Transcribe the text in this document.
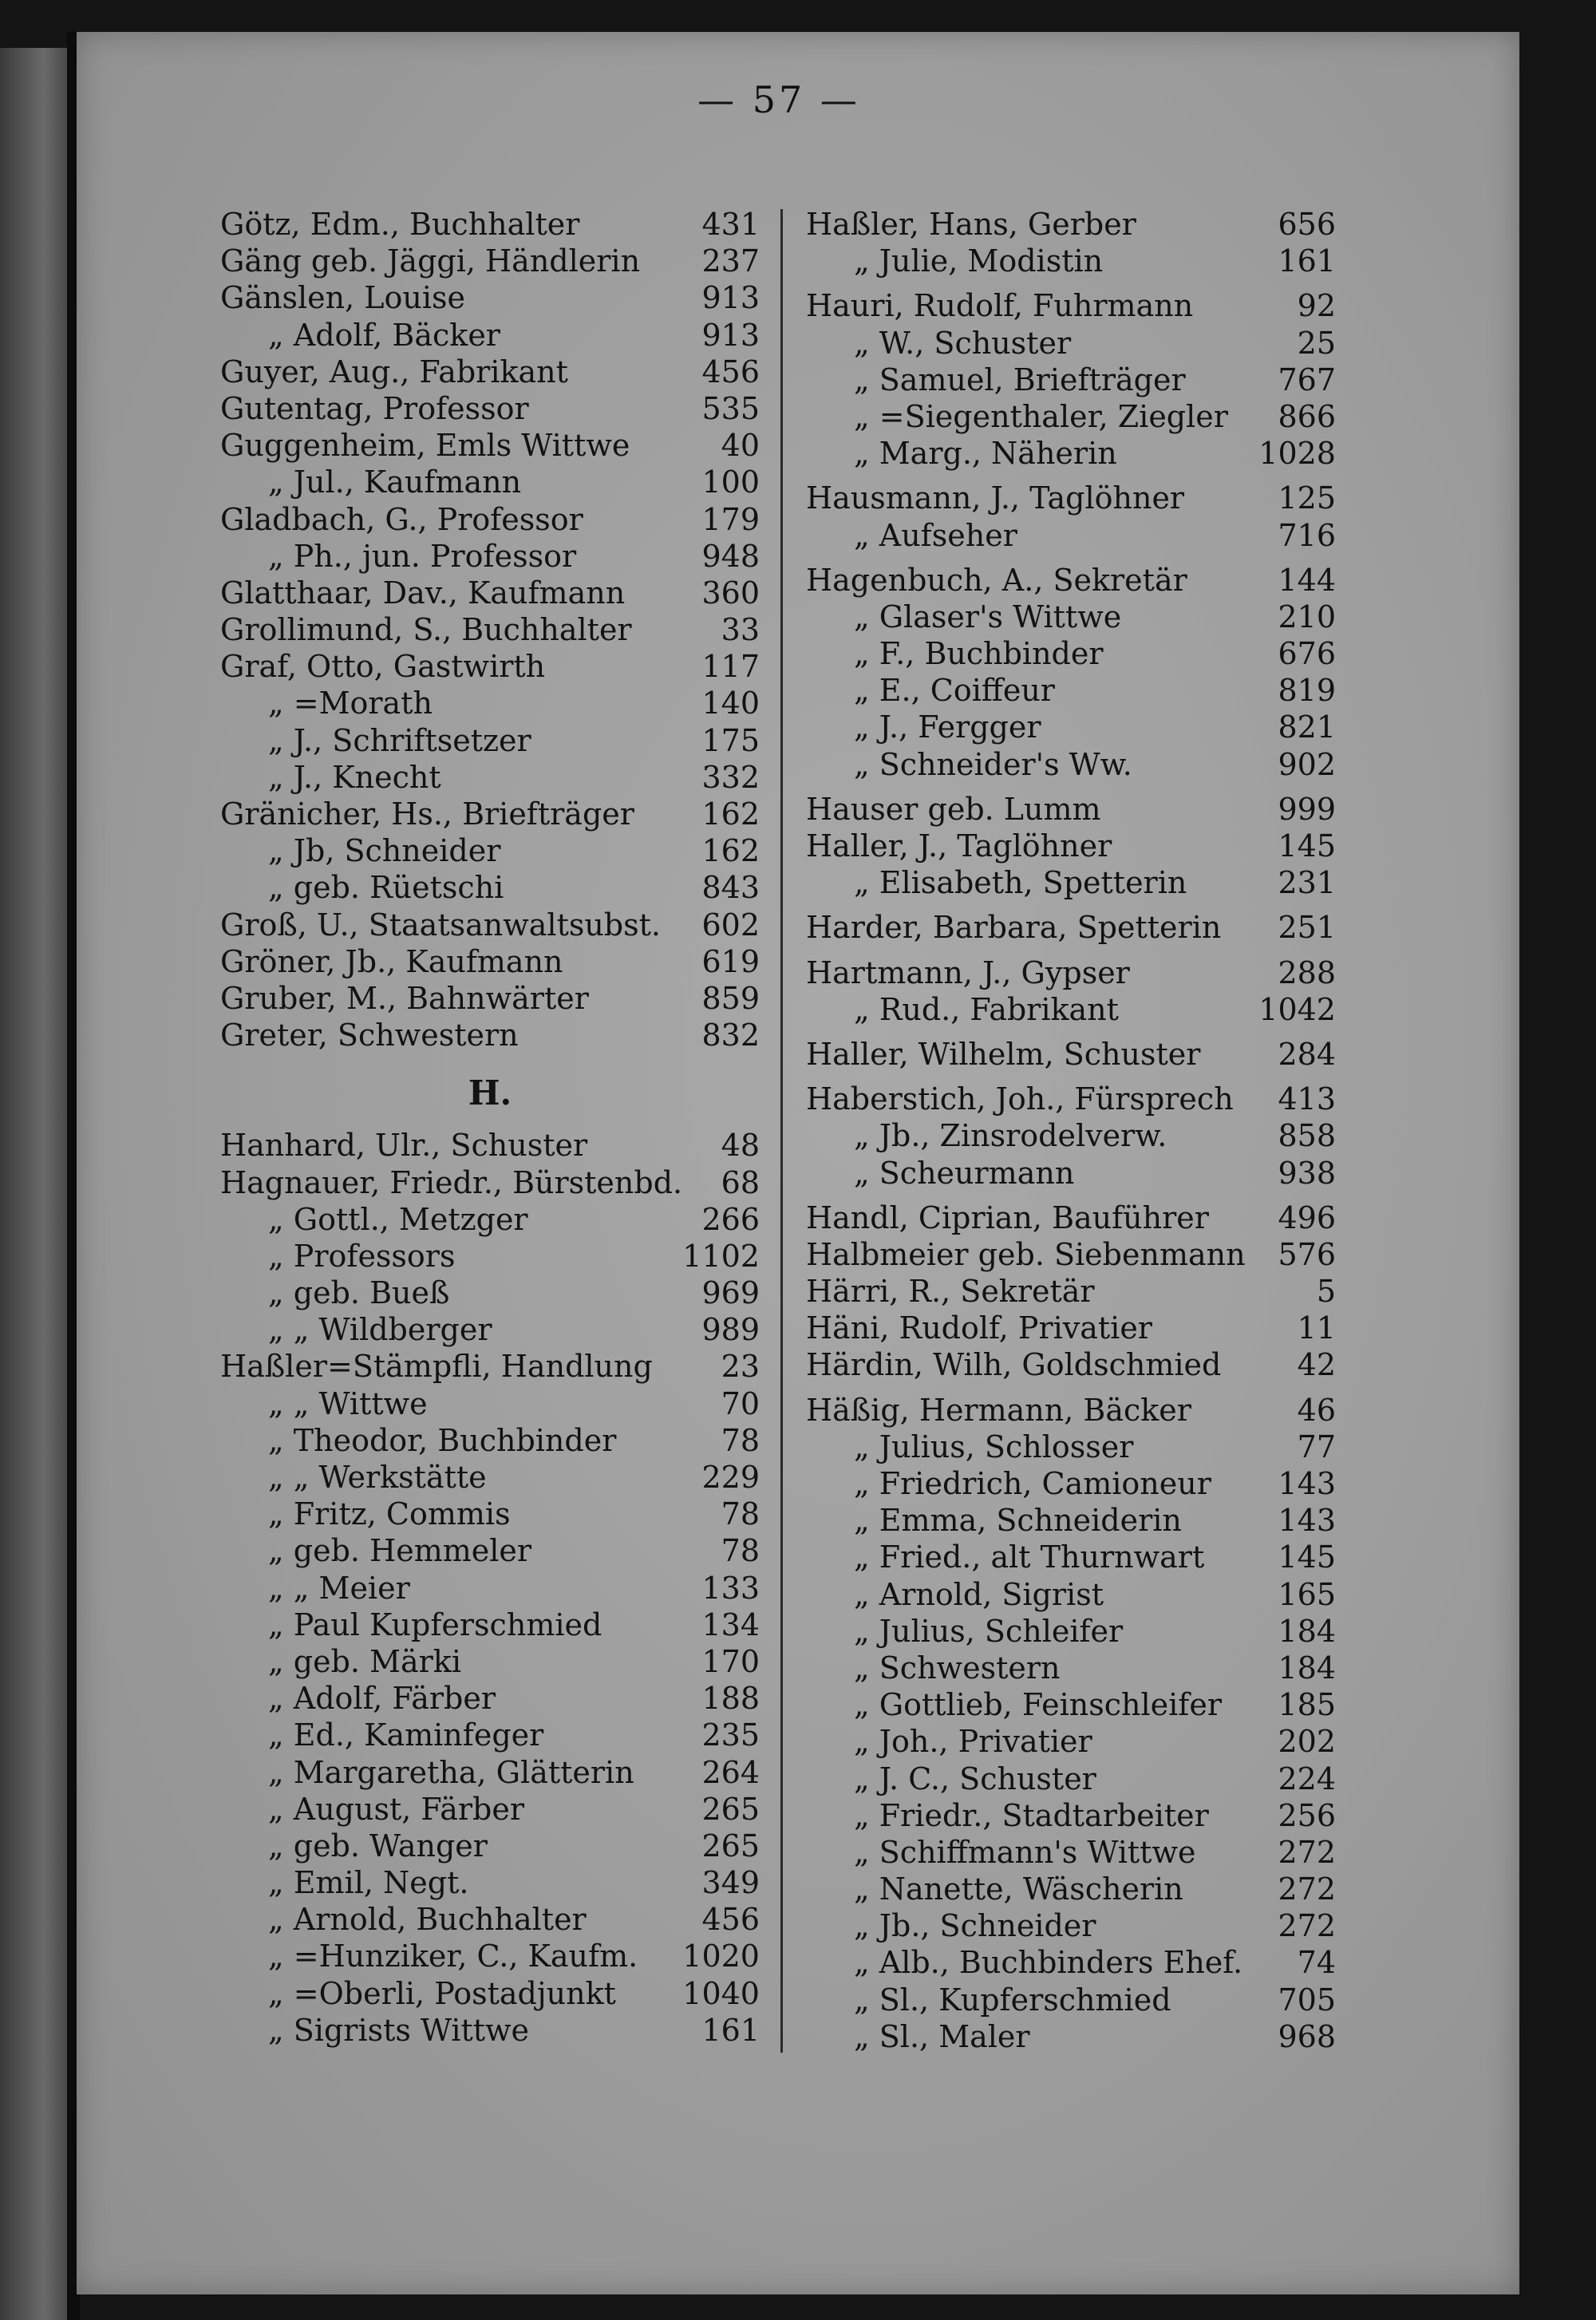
— 57 —
Götz, Edm., Buchhalter	431
Gäng geb. Jäggi, Händlerin 237
Gänslen, Louise	913
„ Adolf, Bäcker	913
Guyer, Aug., Fabrikant	456
Gutentag, Professor	535
Guggenheim, Emls Wittwe	40
„ Jul., Kaufmann	100
Gladbach, G., Professor	179
„ Ph., jun. Professor	948
Glatthaar, Dav., Kaufmann	360
Grollimund, S., Buchhalter	33
Graf, Otto, Gastwirth	117
„ =Morath	140
„ J., Schriftsetzer	175
„ J., Knecht	332
Gränicher, Hs., Briefträger 162
„ Jb, Schneider	162
„ geb. Rüetschi	843
Groß, U., Staatsanwaltsubst. 602
Gröner, Jb., Kaufmann	619
Gruber, M., Bahnwärter	859
Greter, Schwestern	832
H.
Hanhard, Ulr., Schuster	48
Hagnauer, Friedr., Bürstenbd. 68
„ Gottl., Metzger	266
„ Professors	1102
„ geb. Bueß	969
„ „ Wildberger	989
Haßler=Stämpfli, Handlung 23
„ „ Wittwe	70
„ Theodor, Buchbinder	78
„ „ Werkstätte	229
„ Fritz, Commis	78
„ geb. Hemmeler	78
„ „ Meier	133
„ Paul Kupferschmied	134
„ geb. Märki	170
„ Adolf, Färber	188
„ Ed., Kaminfeger	235
„ Margaretha, Glätterin 264
„ August, Färber	265
„ geb. Wanger	265
„ Emil, Negt.	349
„ Arnold, Buchhalter	456
„ =Hunziker, C., Kaufm. 1020
„ =Oberli, Postadjunkt 1040
„ Sigrists Wittwe	161
Haßler, Hans, Gerber	656
„ Julie, Modistin	161
Hauri, Rudolf, Fuhrmann	92
„ W., Schuster	25
„ Samuel, Briefträger	767
„ =Siegenthaler, Ziegler 866
„ Marg., Näherin	1028
Hausmann, J., Taglöhner	125
„ Aufseher	716
Hagenbuch, A., Sekretär	144
„ Glaser's Wittwe	210
„ F., Buchbinder	676
„ E., Coiffeur	819
„ J., Fergger	821
„ Schneider's Ww.	902
Hauser geb. Lumm	999
Haller, J., Taglöhner	145
„ Elisabeth, Spetterin	231
Harder, Barbara, Spetterin 251
Hartmann, J., Gypser	288
„ Rud., Fabrikant	1042
Haller, Wilhelm, Schuster	284
Haberstich, Joh., Fürsprech 413
„ Jb., Zinsrodelverw.	858
„ Scheurmann	938
Handl, Ciprian, Bauführer 496
Halbmeier geb. Siebenmann 576
Härri, R., Sekretär	5
Häni, Rudolf, Privatier	11
Härdin, Wilh, Goldschmied	42
Häßig, Hermann, Bäcker	46
„ Julius, Schlosser	77
„ Friedrich, Camioneur 143
„ Emma, Schneiderin	143
„ Fried., alt Thurnwart 145
„ Arnold, Sigrist	165
„ Julius, Schleifer	184
„ Schwestern	184
„ Gottlieb, Feinschleifer 185
„ Joh., Privatier	202
„ J. C., Schuster	224
„ Friedr., Stadtarbeiter 256
„ Schiffmann's Wittwe	272
„ Nanette, Wäscherin	272
„ Jb., Schneider	272
„ Alb., Buchbinders Ehef. 74
„ Sl., Kupferschmied	705
„ Sl., Maler	968
